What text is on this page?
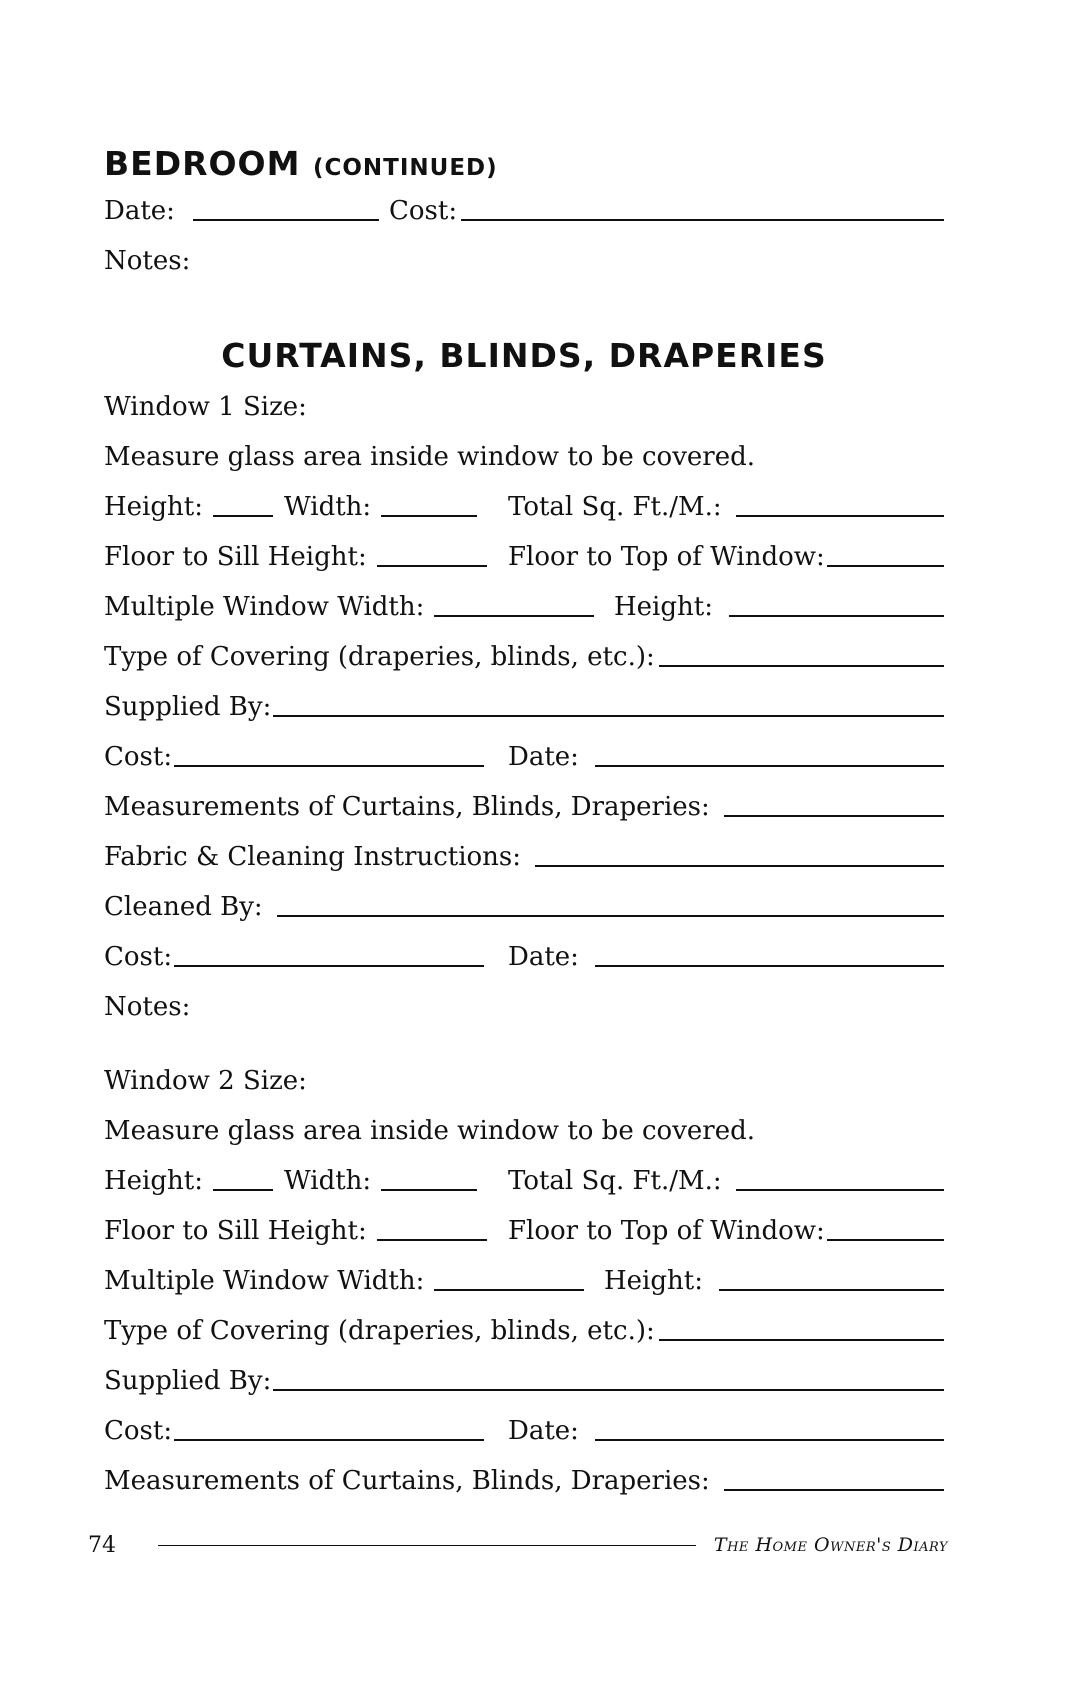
BEDROOM (CONTINUED)
Date:	Cost:
Notes:
CURTAINS, BLINDS, DRAPERIES
Window 1 Size:
Measure glass area inside window to be covered.
Height:	Width:	Total Sq. Ft./M.:
Floor to Sill Height:	Floor to Top of Window:
Multiple Window Width:	Height:
Type of Covering (draperies, blinds, etc.):
Supplied By:
Cost:	Date:
Measurements of Curtains, Blinds, Draperies:
Fabric & Cleaning Instructions:
Cleaned By:
Cost:	Date:
Notes:
Window 2 Size:
Measure glass area inside window to be covered.
Height:	Width:	Total Sq. Ft./M.:
Floor to Sill Height:	Floor to Top of Window:
Multiple Window Width:	Height:
Type of Covering (draperies, blinds, etc.):
Supplied By:
Cost:	Date:
Measurements of Curtains, Blinds, Draperies:
74	The Home Owner's Diary
